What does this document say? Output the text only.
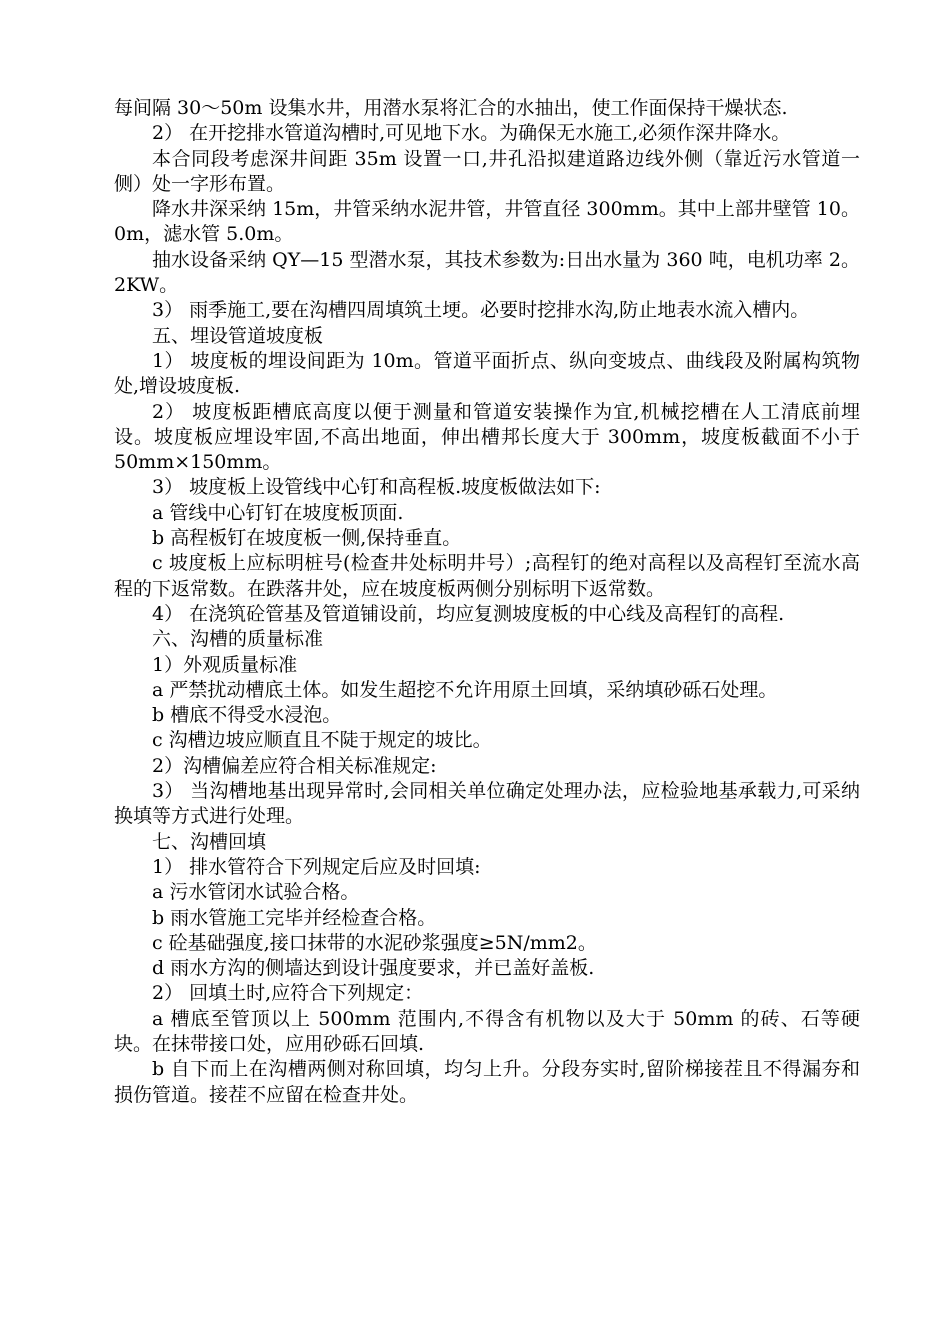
每间隔 30～50m 设集水井，用潜水泵将汇合的水抽出，使工作面保持干燥状态.

2） 在开挖排水管道沟槽时,可见地下水。为确保无水施工,必须作深井降水。

本合同段考虑深井间距 35m 设置一口,井孔沿拟建道路边线外侧（靠近污水管道一侧）处一字形布置。

降水井深采纳 15m，井管采纳水泥井管，井管直径 300mm。其中上部井壁管 10。0m，滤水管 5.0m。

抽水设备采纳 QY—15 型潜水泵，其技术参数为:日出水量为 360 吨，电机功率 2。2KW。

3） 雨季施工,要在沟槽四周填筑土埂。必要时挖排水沟,防止地表水流入槽内。

五、埋设管道坡度板

1） 坡度板的埋设间距为 10m。管道平面折点、纵向变坡点、曲线段及附属构筑物处,增设坡度板.

2） 坡度板距槽底高度以便于测量和管道安装操作为宜,机械挖槽在人工清底前埋设。坡度板应埋设牢固,不高出地面，伸出槽邦长度大于 300mm，坡度板截面不小于 50mm×150mm。

3） 坡度板上设管线中心钉和高程板.坡度板做法如下:

a 管线中心钉钉在坡度板顶面.

b 高程板钉在坡度板一侧,保持垂直。

c 坡度板上应标明桩号(检查井处标明井号）;高程钉的绝对高程以及高程钉至流水高程的下返常数。在跌落井处，应在坡度板两侧分别标明下返常数。

4） 在浇筑砼管基及管道铺设前，均应复测坡度板的中心线及高程钉的高程.

六、沟槽的质量标准

1）外观质量标准

a 严禁扰动槽底土体。如发生超挖不允许用原土回填，采纳填砂砾石处理。

b 槽底不得受水浸泡。

c 沟槽边坡应顺直且不陡于规定的坡比。

2）沟槽偏差应符合相关标准规定:

3） 当沟槽地基出现异常时,会同相关单位确定处理办法，应检验地基承载力,可采纳换填等方式进行处理。

七、沟槽回填

1） 排水管符合下列规定后应及时回填:

a 污水管闭水试验合格。

b 雨水管施工完毕并经检查合格。

c 砼基础强度,接口抹带的水泥砂浆强度≥5N/mm2。

d 雨水方沟的侧墙达到设计强度要求，并已盖好盖板.

2） 回填土时,应符合下列规定：

a 槽底至管顶以上 500mm 范围内,不得含有机物以及大于 50mm 的砖、石等硬块。在抹带接口处，应用砂砾石回填.

b 自下而上在沟槽两侧对称回填，均匀上升。分段夯实时,留阶梯接茬且不得漏夯和损伤管道。接茬不应留在检查井处。
